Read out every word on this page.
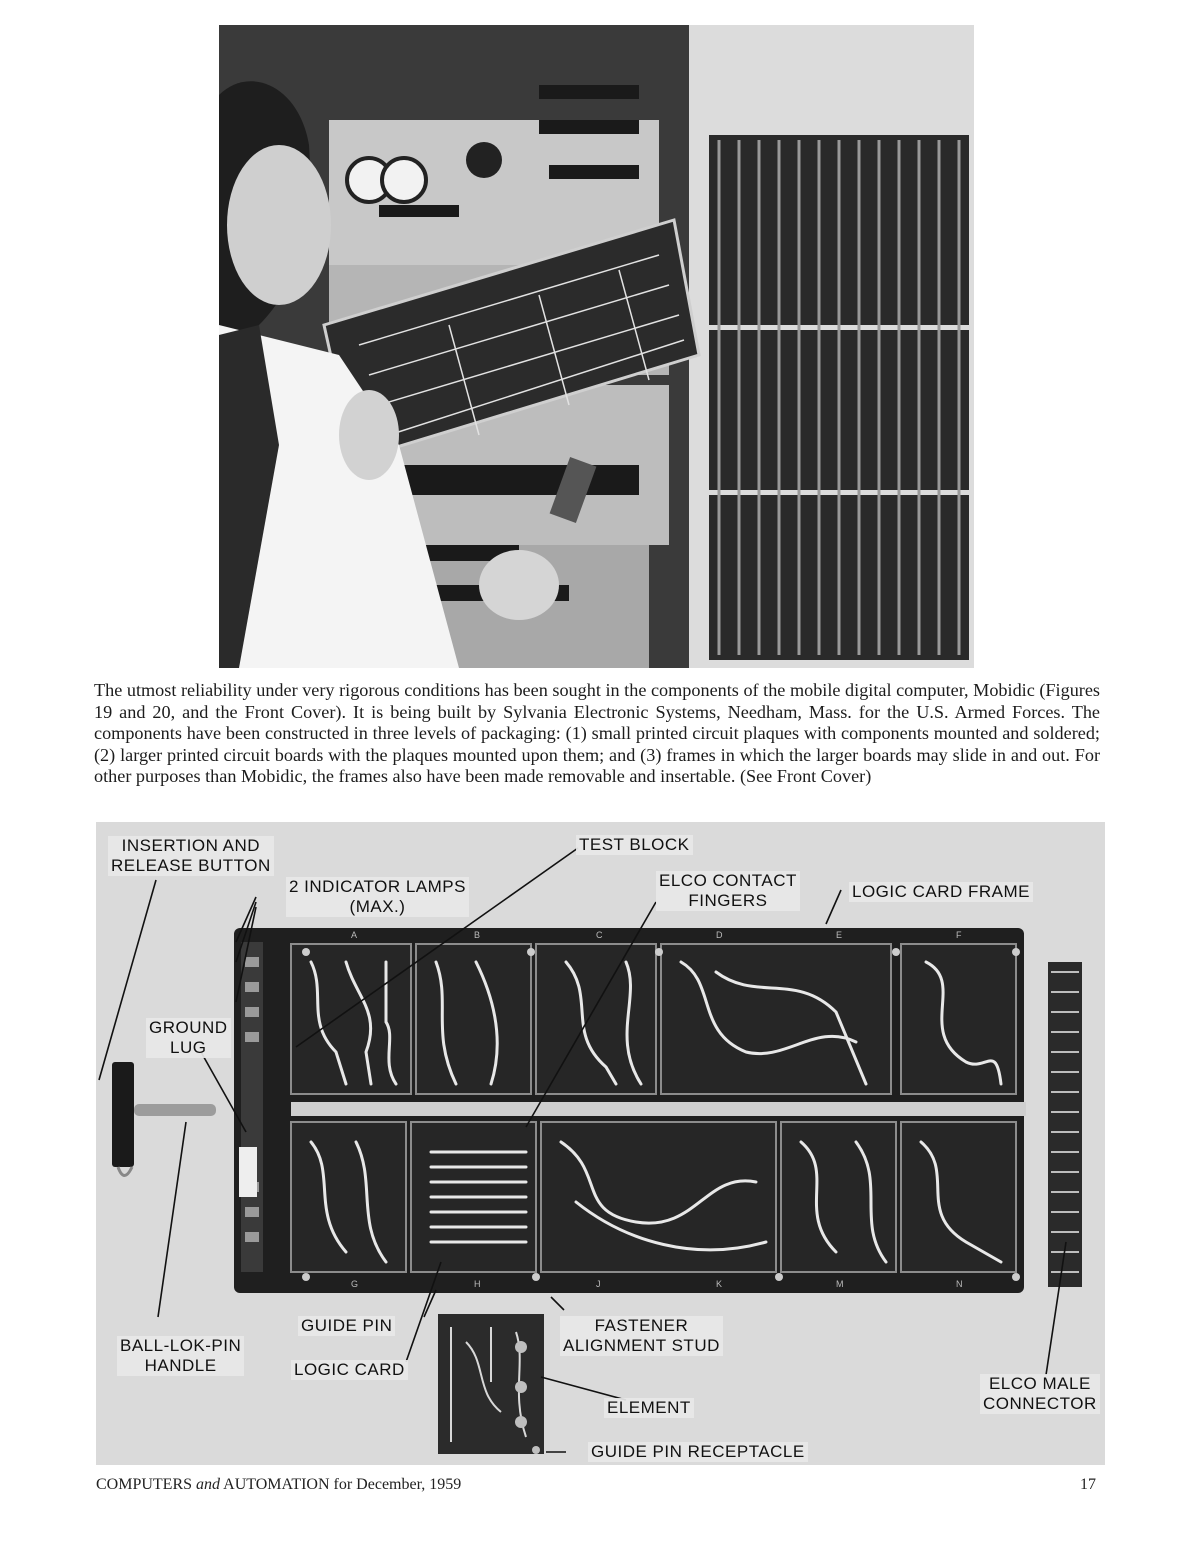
The utmost reliability under very rigorous conditions has been sought in the components of the mobile digital computer, Mobidic (Figures 19 and 20, and the Front Cover). It is being built by Sylvania Electronic Systems, Needham, Mass. for the U.S. Armed Forces. The components have been constructed in three levels of packaging: (1) small printed circuit plaques with components mounted and soldered; (2) larger printed circuit boards with the plaques mounted upon them; and (3) frames in which the larger boards may slide in and out. For other purposes than Mobidic, the frames also have been made removable and insertable. (See Front Cover)
A	B	C	D	E	F
G	H	J	K	M	N
INSERTION AND
RELEASE BUTTON
TEST BLOCK
2 INDICATOR LAMPS
(MAX.)
ELCO CONTACT
FINGERS	LOGIC CARD FRAME
GROUND
LUG
GUIDE PIN	FASTENER
ALIGNMENT STUD
BALL-LOK-PIN
HANDLE	LOGIC CARD
ELEMENT
GUIDE PIN RECEPTACLE
ELCO MALE
CONNECTOR
COMPUTERS and AUTOMATION for December, 1959	17
